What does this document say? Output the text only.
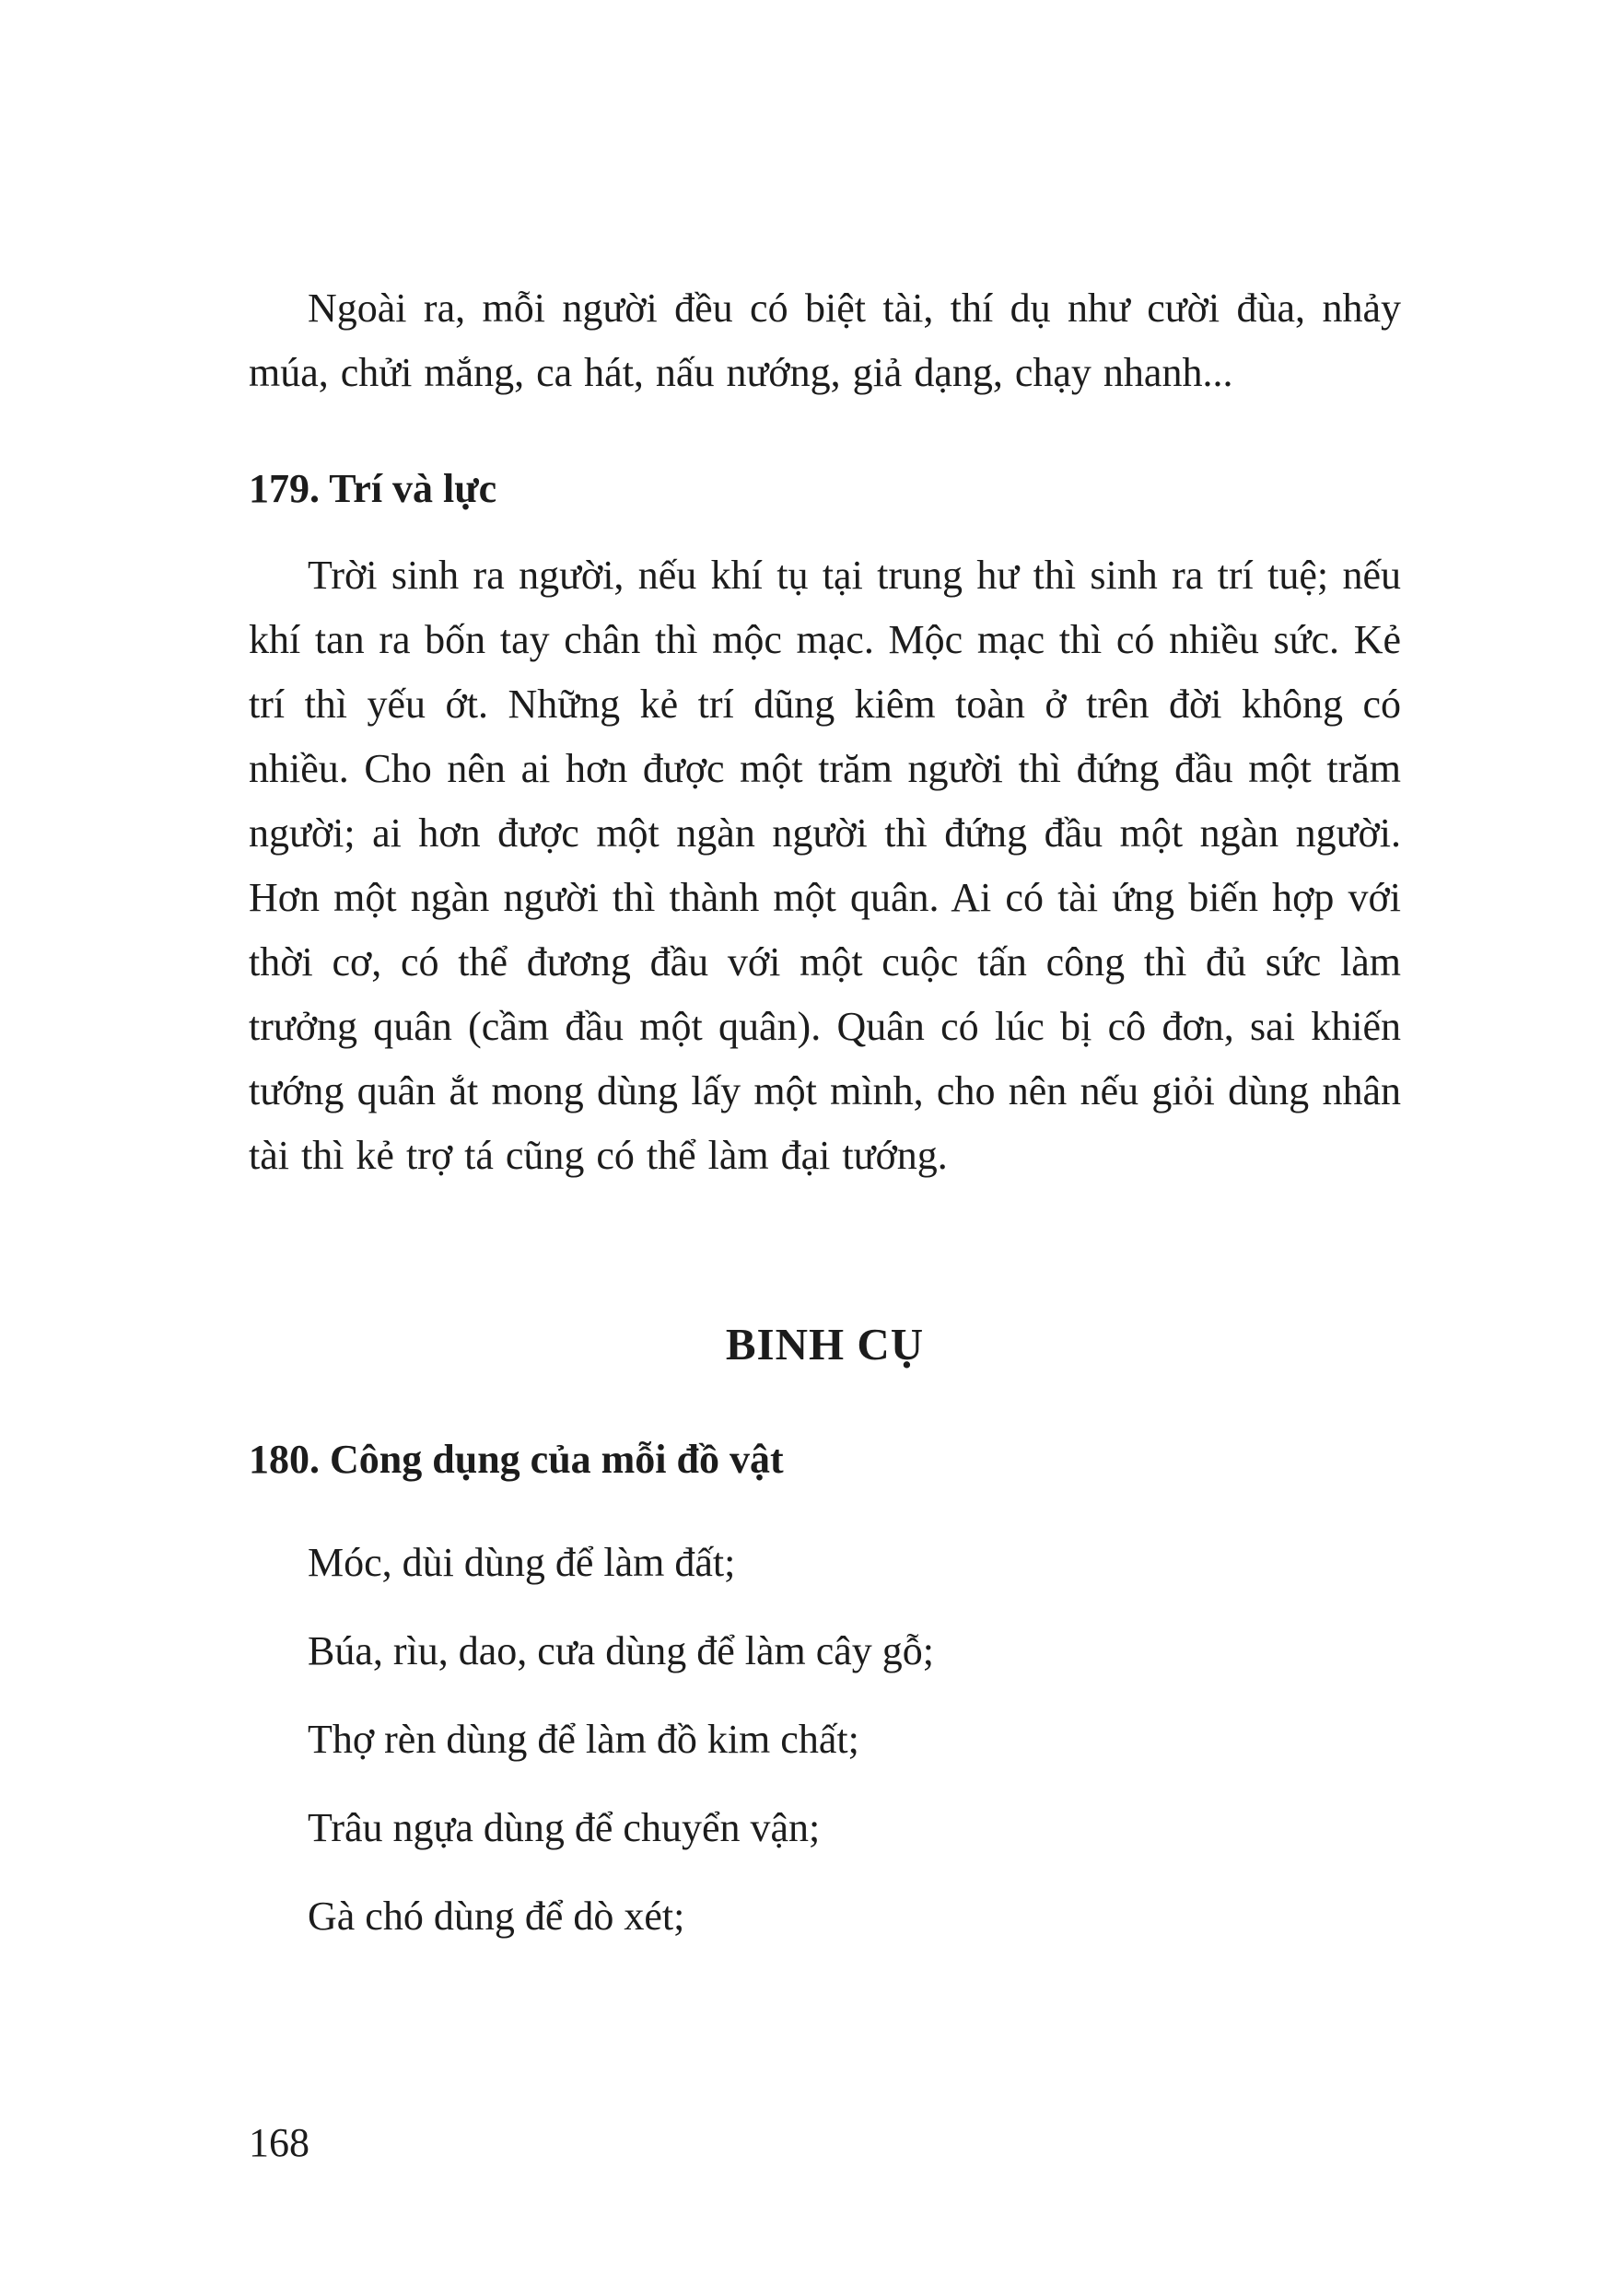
Ngoài ra, mỗi người đều có biệt tài, thí dụ như cười đùa, nhảy múa, chửi mắng, ca hát, nấu nướng, giả dạng, chạy nhanh...

179. Trí và lực

Trời sinh ra người, nếu khí tụ tại trung hư thì sinh ra trí tuệ; nếu khí tan ra bốn tay chân thì mộc mạc. Mộc mạc thì có nhiều sức. Kẻ trí thì yếu ớt. Những kẻ trí dũng kiêm toàn ở trên đời không có nhiều. Cho nên ai hơn được một trăm người thì đứng đầu một trăm người; ai hơn được một ngàn người thì đứng đầu một ngàn người. Hơn một ngàn người thì thành một quân. Ai có tài ứng biến hợp với thời cơ, có thể đương đầu với một cuộc tấn công thì đủ sức làm trưởng quân (cầm đầu một quân). Quân có lúc bị cô đơn, sai khiến tướng quân ắt mong dùng lấy một mình, cho nên nếu giỏi dùng nhân tài thì kẻ trợ tá cũng có thể làm đại tướng.

BINH CỤ
180. Công dụng của mỗi đồ vật

Móc, dùi dùng để làm đất;

Búa, rìu, dao, cưa dùng để làm cây gỗ;

Thợ rèn dùng để làm đồ kim chất;

Trâu ngựa dùng để chuyển vận;

Gà chó dùng để dò xét;

168
